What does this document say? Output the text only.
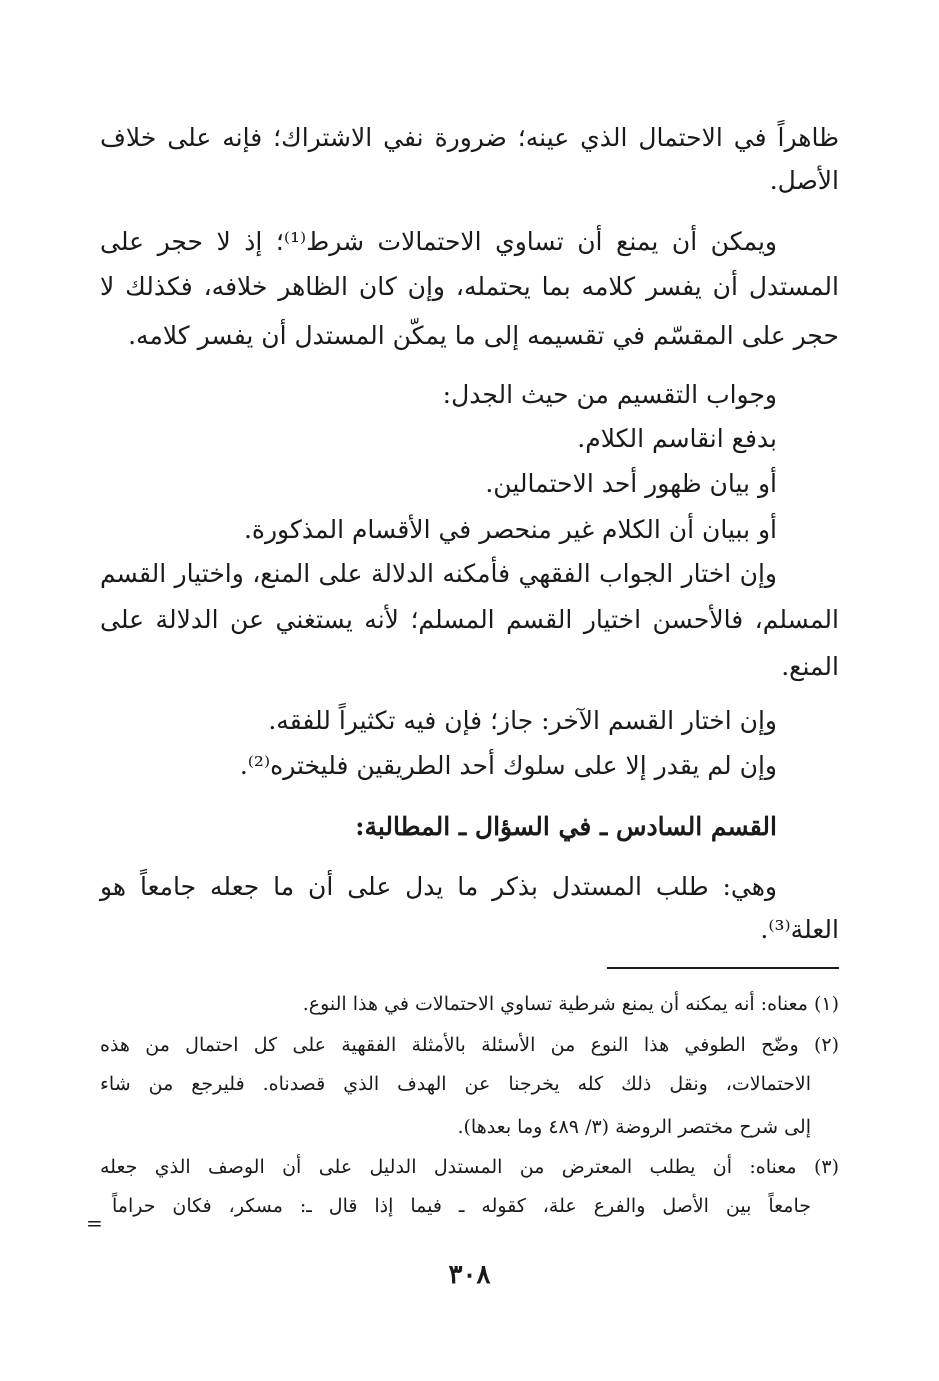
ظاهراً في الاحتمال الذي عينه؛ ضرورة نفي الاشتراك؛ فإنه على خلاف
الأصل.
ويمكن أن يمنع أن تساوي الاحتمالات شرط⁽¹⁾؛ إذ لا حجر على
المستدل أن يفسر كلامه بما يحتمله، وإن كان الظاهر خلافه، فكذلك لا
حجر على المقسّم في تقسيمه إلى ما يمكّن المستدل أن يفسر كلامه.
وجواب التقسيم من حيث الجدل:
بدفع انقاسم الكلام.
أو بيان ظهور أحد الاحتمالين.
أو ببيان أن الكلام غير منحصر في الأقسام المذكورة.
وإن اختار الجواب الفقهي فأمكنه الدلالة على المنع، واختيار القسم
المسلم، فالأحسن اختيار القسم المسلم؛ لأنه يستغني عن الدلالة على
المنع.
وإن اختار القسم الآخر: جاز؛ فإن فيه تكثيراً للفقه.
وإن لم يقدر إلا على سلوك أحد الطريقين فليختره⁽²⁾.
القسم السادس ـ في السؤال ـ المطالبة:
وهي: طلب المستدل بذكر ما يدل على أن ما جعله جامعاً هو
العلة⁽³⁾.
(١) معناه: أنه يمكنه أن يمنع شرطية تساوي الاحتمالات في هذا النوع.
(٢) وضّح الطوفي هذا النوع من الأسئلة بالأمثلة الفقهية على كل احتمال من هذه
الاحتمالات، ونقل ذلك كله يخرجنا عن الهدف الذي قصدناه. فليرجع من شاء
إلى شرح مختصر الروضة (٣/ ٤٨٩ وما بعدها).
(٣) معناه: أن يطلب المعترض من المستدل الدليل على أن الوصف الذي جعله
جامعاً بين الأصل والفرع علة، كقوله ـ فيما إذا قال ـ: مسكر، فكان حراماً
=
٣٠٨
